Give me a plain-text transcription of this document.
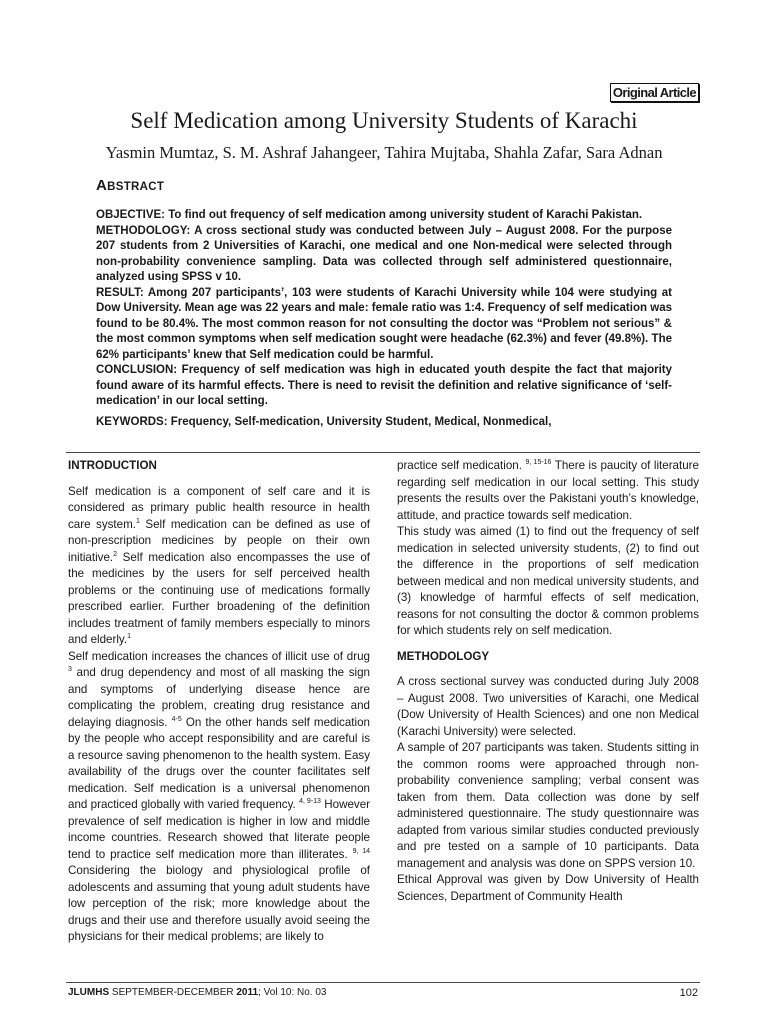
Original Article
Self Medication among University Students of Karachi
Yasmin Mumtaz, S. M. Ashraf Jahangeer, Tahira Mujtaba, Shahla Zafar, Sara Adnan
ABSTRACT

OBJECTIVE: To find out frequency of self medication among university student of Karachi Pakistan.

METHODOLOGY: A cross sectional study was conducted between July – August 2008. For the purpose 207 students from 2 Universities of Karachi, one medical and one Non-medical were selected through non-probability convenience sampling. Data was collected through self administered questionnaire, analyzed using SPSS v 10.

RESULT: Among 207 participants’, 103 were students of Karachi University while 104 were studying at Dow University. Mean age was 22 years and male: female ratio was 1:4. Frequency of self medication was found to be 80.4%. The most common reason for not consulting the doctor was “Problem not serious” & the most common symptoms when self medication sought were headache (62.3%) and fever (49.8%). The 62% participants’ knew that Self medication could be harmful.

CONCLUSION: Frequency of self medication was high in educated youth despite the fact that majority found aware of its harmful effects. There is need to revisit the definition and relative significance of ‘self-medication’ in our local setting.

KEYWORDS: Frequency, Self-medication, University Student, Medical, Nonmedical,

INTRODUCTION

Self medication is a component of self care and it is considered as primary public health resource in health care system.$^1$ Self medication can be defined as use of non-prescription medicines by people on their own initiative.$^2$ Self medication also encompasses the use of the medicines by the users for self perceived health problems or the continuing use of medications formally prescribed earlier. Further broadening of the definition includes treatment of family members especially to minors and elderly.$^1$

Self medication increases the chances of illicit use of drug $^3$ and drug dependency and most of all masking the sign and symptoms of underlying disease hence are complicating the problem, creating drug resistance and delaying diagnosis. $^{4-5}$ On the other hands self medication by the people who accept responsibility and are careful is a resource saving phenomenon to the health system. Easy availability of the drugs over the counter facilitates self medication. Self medication is a universal phenomenon and practiced globally with varied frequency. $^{4, 9-13}$ However prevalence of self medication is higher in low and middle income countries. Research showed that literate people tend to practice self medication more than illiterates. $^{9, 14}$ Considering the biology and physiological profile of adolescents and assuming that young adult students have low perception of the risk; more knowledge about the drugs and their use and therefore usually avoid seeing the physicians for their medical problems; are likely to

practice self medication. $^{9, 15-16}$ There is paucity of literature regarding self medication in our local setting. This study presents the results over the Pakistani youth’s knowledge, attitude, and practice towards self medication.

This study was aimed (1) to find out the frequency of self medication in selected university students, (2) to find out the difference in the proportions of self medication between medical and non medical university students, and (3) knowledge of harmful effects of self medication, reasons for not consulting the doctor & common problems for which students rely on self medication.

METHODOLOGY

A cross sectional survey was conducted during July 2008 – August 2008. Two universities of Karachi, one Medical (Dow University of Health Sciences) and one non Medical (Karachi University) were selected.

A sample of 207 participants was taken. Students sitting in the common rooms were approached through non-probability convenience sampling; verbal consent was taken from them. Data collection was done by self administered questionnaire. The study questionnaire was adapted from various similar studies conducted previously and pre tested on a sample of 10 participants. Data management and analysis was done on SPPS version 10.

Ethical Approval was given by Dow University of Health Sciences, Department of Community Health

JLUMHS SEPTEMBER-DECEMBER 2011; Vol 10: No. 03	102
